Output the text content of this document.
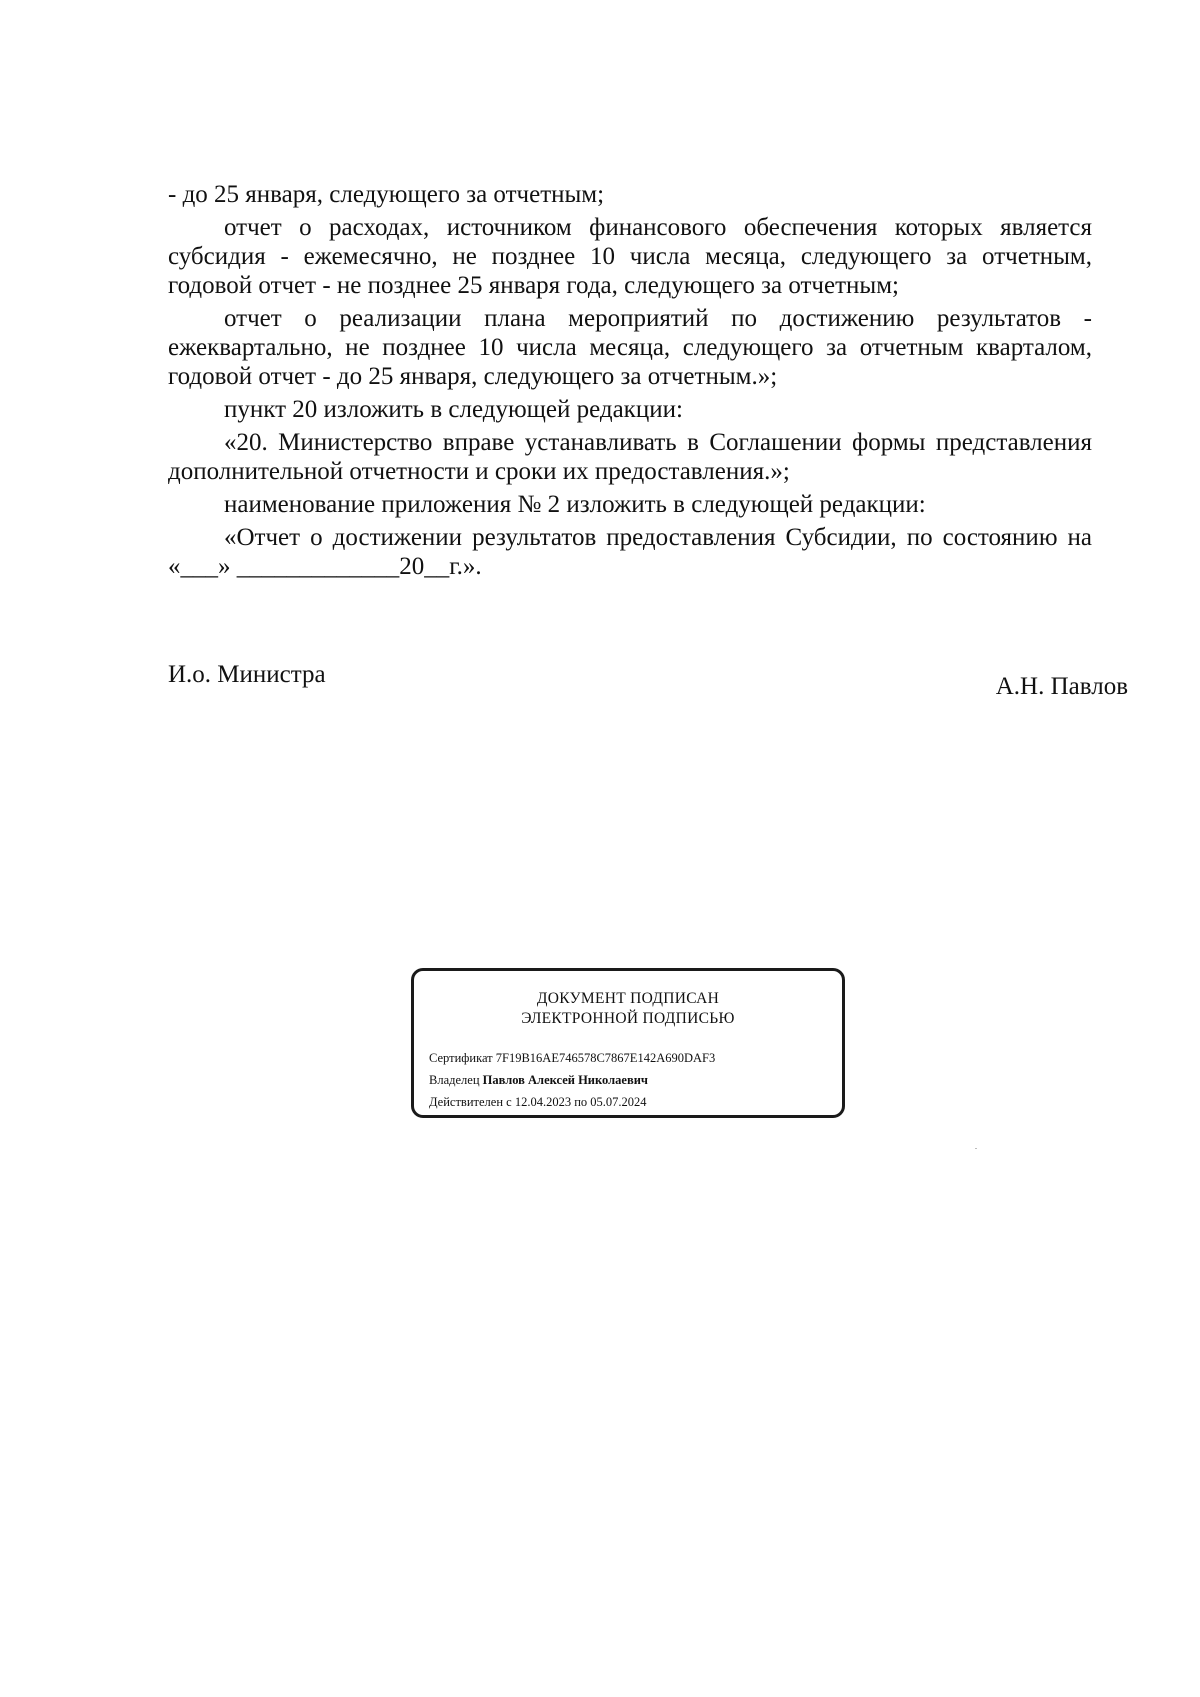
- до 25 января, следующего за отчетным;

отчет о расходах, источником финансового обеспечения которых является субсидия - ежемесячно, не позднее 10 числа месяца, следующего за отчетным, годовой отчет - не позднее 25 января года, следующего за отчетным;

отчет о реализации плана мероприятий по достижению результатов - ежеквартально, не позднее 10 числа месяца, следующего за отчетным кварталом, годовой отчет - до 25 января, следующего за отчетным.»;

пункт 20 изложить в следующей редакции:

«20. Министерство вправе устанавливать в Соглашении формы представления дополнительной отчетности и сроки их предоставления.»;

наименование приложения № 2 изложить в следующей редакции:

«Отчет о достижении результатов предоставления Субсидии, по состоянию на «___» _____________20__г.».

И.о. Министра	А.Н. Павлов
ДОКУМЕНТ ПОДПИСАН
ЭЛЕКТРОННОЙ ПОДПИСЬЮ
Сертификат 7F19B16AE746578C7867E142A690DAF3
Владелец Павлов Алексей Николаевич
Действителен с 12.04.2023 по 05.07.2024
